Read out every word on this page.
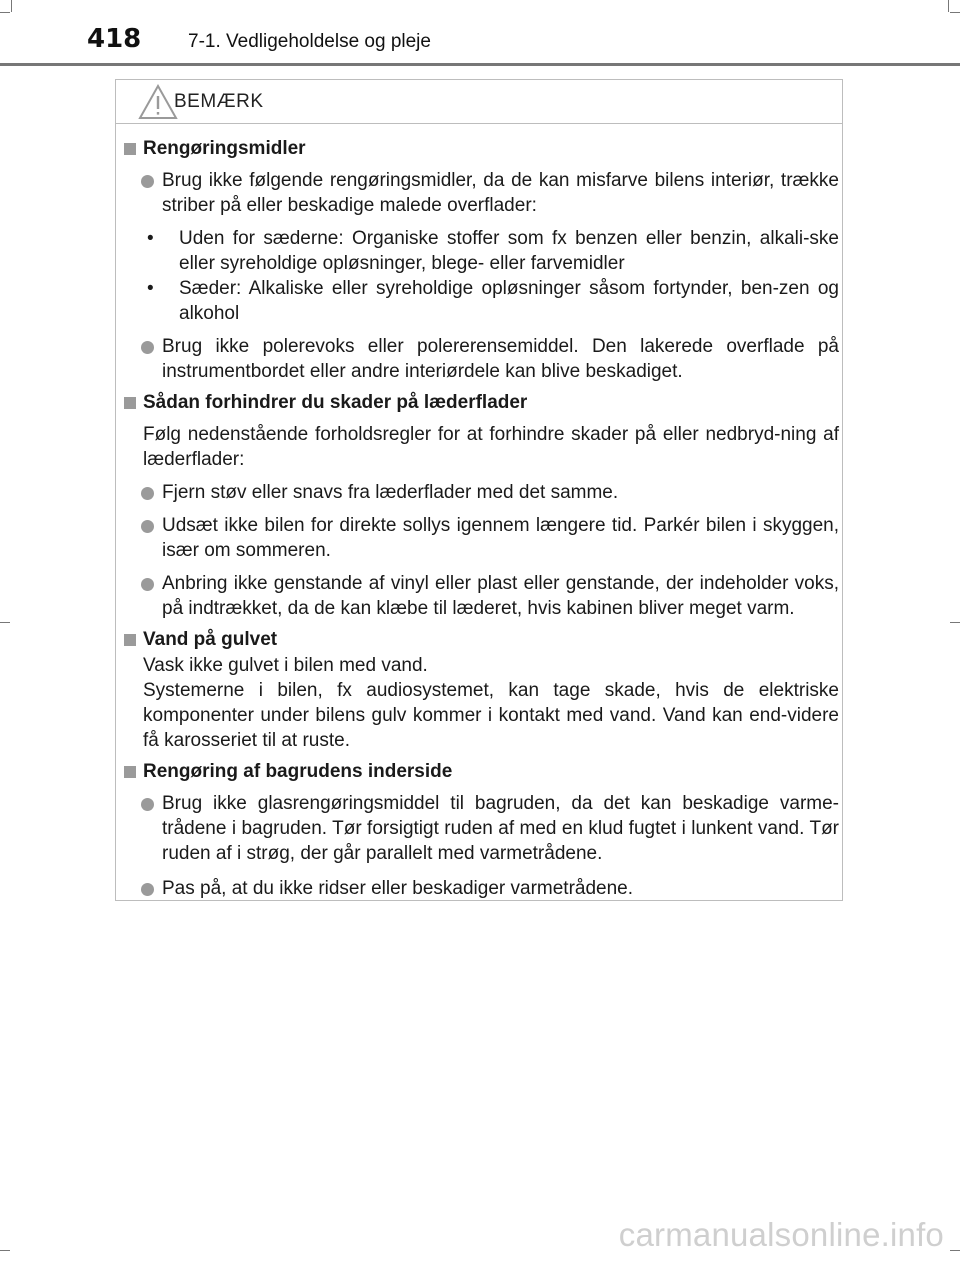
418 7-1. Vedligeholdelse og pleje
BEMÆRK
Rengøringsmidler
Brug ikke følgende rengøringsmidler, da de kan misfarve bilens interiør, trække striber på eller beskadige malede overflader:
•	Uden for sæderne: Organiske stoffer som fx benzen eller benzin, alkali-ske eller syreholdige opløsninger, blege- eller farvemidler
•	Sæder: Alkaliske eller syreholdige opløsninger såsom fortynder, ben-zen og alkohol
Brug ikke polerevoks eller polererensemiddel. Den lakerede overflade på instrumentbordet eller andre interiørdele kan blive beskadiget.
Sådan forhindrer du skader på læderflader
Følg nedenstående forholdsregler for at forhindre skader på eller nedbryd-ning af læderflader:
Fjern støv eller snavs fra læderflader med det samme.
Udsæt ikke bilen for direkte sollys igennem længere tid. Parkér bilen i skyggen, især om sommeren.
Anbring ikke genstande af vinyl eller plast eller genstande, der indeholder voks, på indtrækket, da de kan klæbe til læderet, hvis kabinen bliver meget varm.
Vand på gulvet
Vask ikke gulvet i bilen med vand.
Systemerne i bilen, fx audiosystemet, kan tage skade, hvis de elektriske komponenter under bilens gulv kommer i kontakt med vand. Vand kan end-videre få karosseriet til at ruste.
Rengøring af bagrudens inderside
Brug ikke glasrengøringsmiddel til bagruden, da det kan beskadige varme-trådene i bagruden. Tør forsigtigt ruden af med en klud fugtet i lunkent vand. Tør ruden af i strøg, der går parallelt med varmetrådene.
Pas på, at du ikke ridser eller beskadiger varmetrådene.
carmanualsonline.info
